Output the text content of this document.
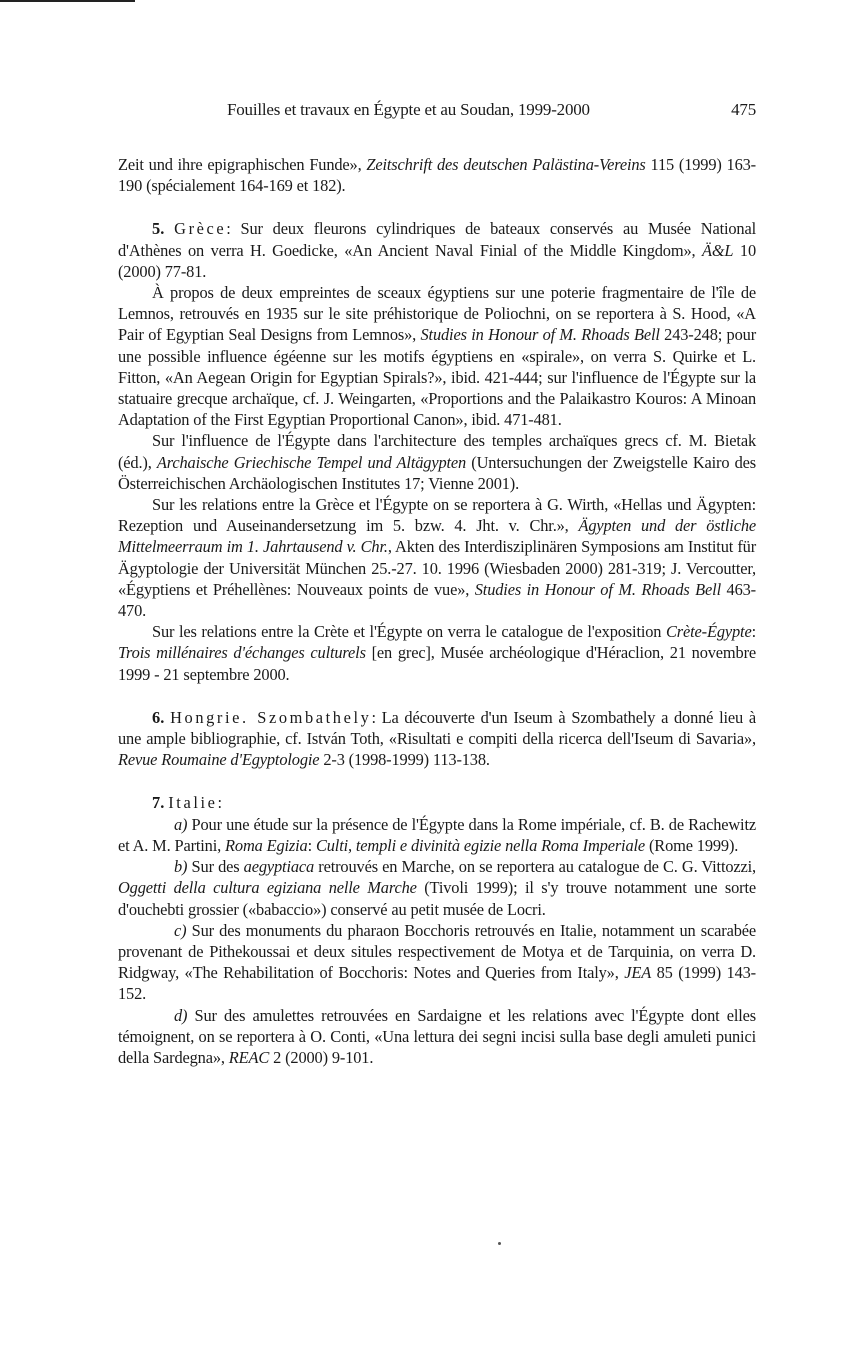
Fouilles et travaux en Égypte et au Soudan, 1999-2000	475

Zeit und ihre epigraphischen Funde», Zeitschrift des deutschen Palästina-Vereins 115 (1999) 163-190 (spécialement 164-169 et 182).

5. Grèce: Sur deux fleurons cylindriques de bateaux conservés au Musée National d'Athènes on verra H. Goedicke, «An Ancient Naval Finial of the Middle Kingdom», Ä&L 10 (2000) 77-81.

À propos de deux empreintes de sceaux égyptiens sur une poterie fragmentaire de l'île de Lemnos, retrouvés en 1935 sur le site préhistorique de Poliochni, on se reportera à S. Hood, «A Pair of Egyptian Seal Designs from Lemnos», Studies in Honour of M. Rhoads Bell 243-248; pour une possible influence égéenne sur les motifs égyptiens en «spirale», on verra S. Quirke et L. Fitton, «An Aegean Origin for Egyptian Spirals?», ibid. 421-444; sur l'influence de l'Égypte sur la statuaire grecque archaïque, cf. J. Weingarten, «Proportions and the Palaikastro Kouros: A Minoan Adaptation of the First Egyptian Proportional Canon», ibid. 471-481.

Sur l'influence de l'Égypte dans l'architecture des temples archaïques grecs cf. M. Bietak (éd.), Archaische Griechische Tempel und Altägypten (Untersuchungen der Zweigstelle Kairo des Österreichischen Archäologischen Institutes 17; Vienne 2001).

Sur les relations entre la Grèce et l'Égypte on se reportera à G. Wirth, «Hellas und Ägypten: Rezeption und Auseinandersetzung im 5. bzw. 4. Jht. v. Chr.», Ägypten und der östliche Mittelmeerraum im 1. Jahrtausend v. Chr., Akten des Interdisziplinären Symposions am Institut für Ägyptologie der Universität München 25.-27. 10. 1996 (Wiesbaden 2000) 281-319; J. Vercoutter, «Égyptiens et Préhellènes: Nouveaux points de vue», Studies in Honour of M. Rhoads Bell 463-470.

Sur les relations entre la Crète et l'Égypte on verra le catalogue de l'exposition Crète-Égypte: Trois millénaires d'échanges culturels [en grec], Musée archéologique d'Héraclion, 21 novembre 1999 - 21 septembre 2000.

6. Hongrie. Szombathely: La découverte d'un Iseum à Szombathely a donné lieu à une ample bibliographie, cf. István Toth, «Risultati e compiti della ricerca dell'Iseum di Savaria», Revue Roumaine d'Egyptologie 2-3 (1998-1999) 113-138.

7. Italie:

a) Pour une étude sur la présence de l'Égypte dans la Rome impériale, cf. B. de Rachewitz et A. M. Partini, Roma Egizia: Culti, templi e divinità egizie nella Roma Imperiale (Rome 1999).

b) Sur des aegyptiaca retrouvés en Marche, on se reportera au catalogue de C. G. Vittozzi, Oggetti della cultura egiziana nelle Marche (Tivoli 1999); il s'y trouve notamment une sorte d'ouchebti grossier («babaccio») conservé au petit musée de Locri.

c) Sur des monuments du pharaon Bocchoris retrouvés en Italie, notamment un scarabée provenant de Pithekoussai et deux situles respectivement de Motya et de Tarquinia, on verra D. Ridgway, «The Rehabilitation of Bocchoris: Notes and Queries from Italy», JEA 85 (1999) 143-152.

d) Sur des amulettes retrouvées en Sardaigne et les relations avec l'Égypte dont elles témoignent, on se reportera à O. Conti, «Una lettura dei segni incisi sulla base degli amuleti punici della Sardegna», REAC 2 (2000) 9-101.
